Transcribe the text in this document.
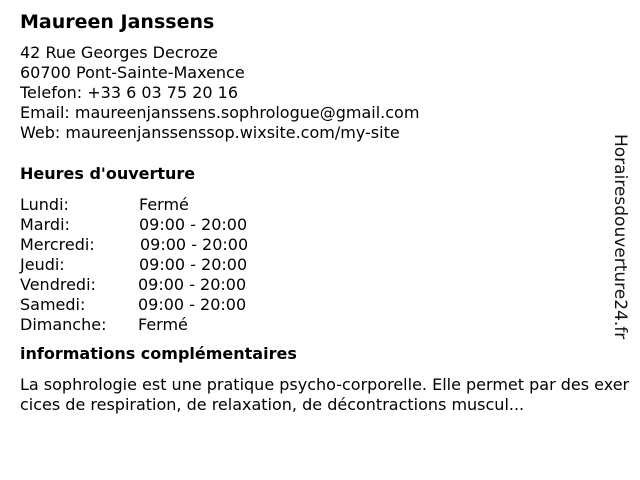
Maureen Janssens
42 Rue Georges Decroze
60700 Pont-Sainte-Maxence
Telefon: +33 6 03 75 20 16
Email: maureenjanssens.sophrologue@gmail.com
Web: maureenjanssenssop.wixsite.com/my-site
Heures d'ouverture
Lundi:	Fermé
Mardi:	09:00 - 20:00
Mercredi:	09:00 - 20:00
Jeudi:	09:00 - 20:00
Vendredi:	09:00 - 20:00
Samedi:	09:00 - 20:00
Dimanche: Fermé
informations complémentaires

La sophrologie est une pratique psycho-corporelle. Elle permet par des exercices de respiration, de relaxation, de décontractions muscul...

Horairesdouverture24.fr
